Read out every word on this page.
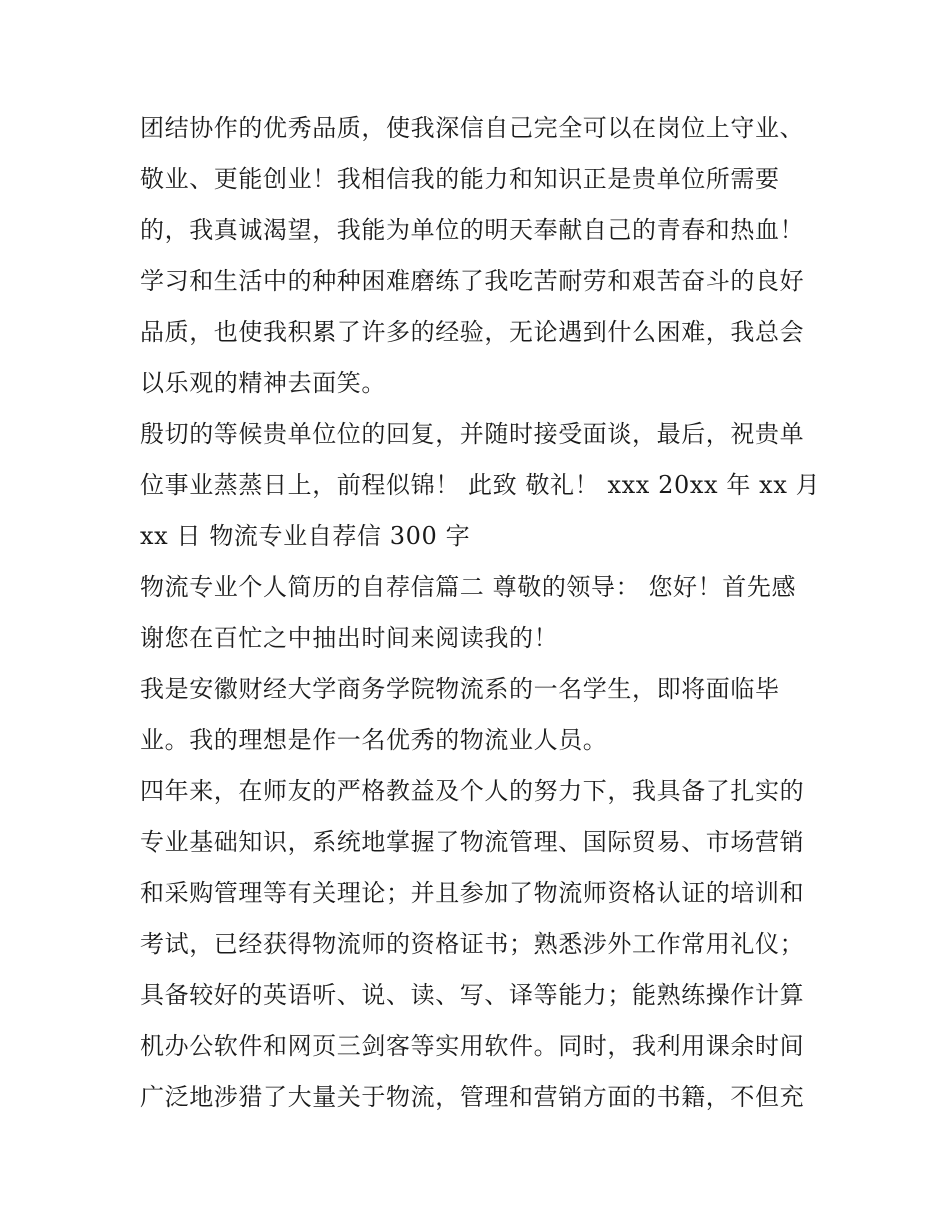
团结协作的优秀品质，使我深信自己完全可以在岗位上守业、
敬业、更能创业！我相信我的能力和知识正是贵单位所需要
的，我真诚渴望，我能为单位的明天奉献自己的青春和热血！
学习和生活中的种种困难磨练了我吃苦耐劳和艰苦奋斗的良好
品质，也使我积累了许多的经验，无论遇到什么困难，我总会
以乐观的精神去面笑。
殷切的等候贵单位位的回复，并随时接受面谈，最后，祝贵单
位事业蒸蒸日上，前程似锦！ 此致 敬礼！ xxx 20xx 年 xx 月
xx 日 物流专业自荐信 300 字
物流专业个人简历的自荐信篇二 尊敬的领导： 您好！首先感
谢您在百忙之中抽出时间来阅读我的！
我是安徽财经大学商务学院物流系的一名学生，即将面临毕
业。我的理想是作一名优秀的物流业人员。
四年来，在师友的严格教益及个人的努力下，我具备了扎实的
专业基础知识，系统地掌握了物流管理、国际贸易、市场营销
和采购管理等有关理论；并且参加了物流师资格认证的培训和
考试，已经获得物流师的资格证书；熟悉涉外工作常用礼仪；
具备较好的英语听、说、读、写、译等能力；能熟练操作计算
机办公软件和网页三剑客等实用软件。同时，我利用课余时间
广泛地涉猎了大量关于物流，管理和营销方面的书籍，不但充
